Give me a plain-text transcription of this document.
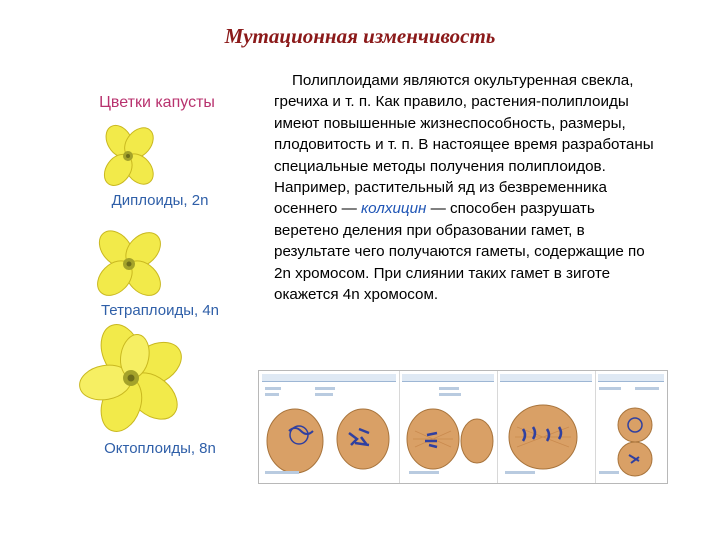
Мутационная изменчивость
Цветки капусты
Диплоиды, 2n
Тетраплоиды, 4n
Октоплоиды, 8n

Полиплоидами являются окультуренная свекла, гречиха и т. п. Как правило, растения-полиплоиды имеют повышенные жизнеспособность, размеры, плодовитость и т. п. В настоящее время разработаны специальные методы получения полиплоидов. Например, растительный яд из безвременника осеннего — колхицин — способен разрушать веретено деления при образовании гамет, в результате чего получаются гаметы, содержащие по 2n хромосом. При слиянии таких гамет в зиготе окажется 4n хромосом.
